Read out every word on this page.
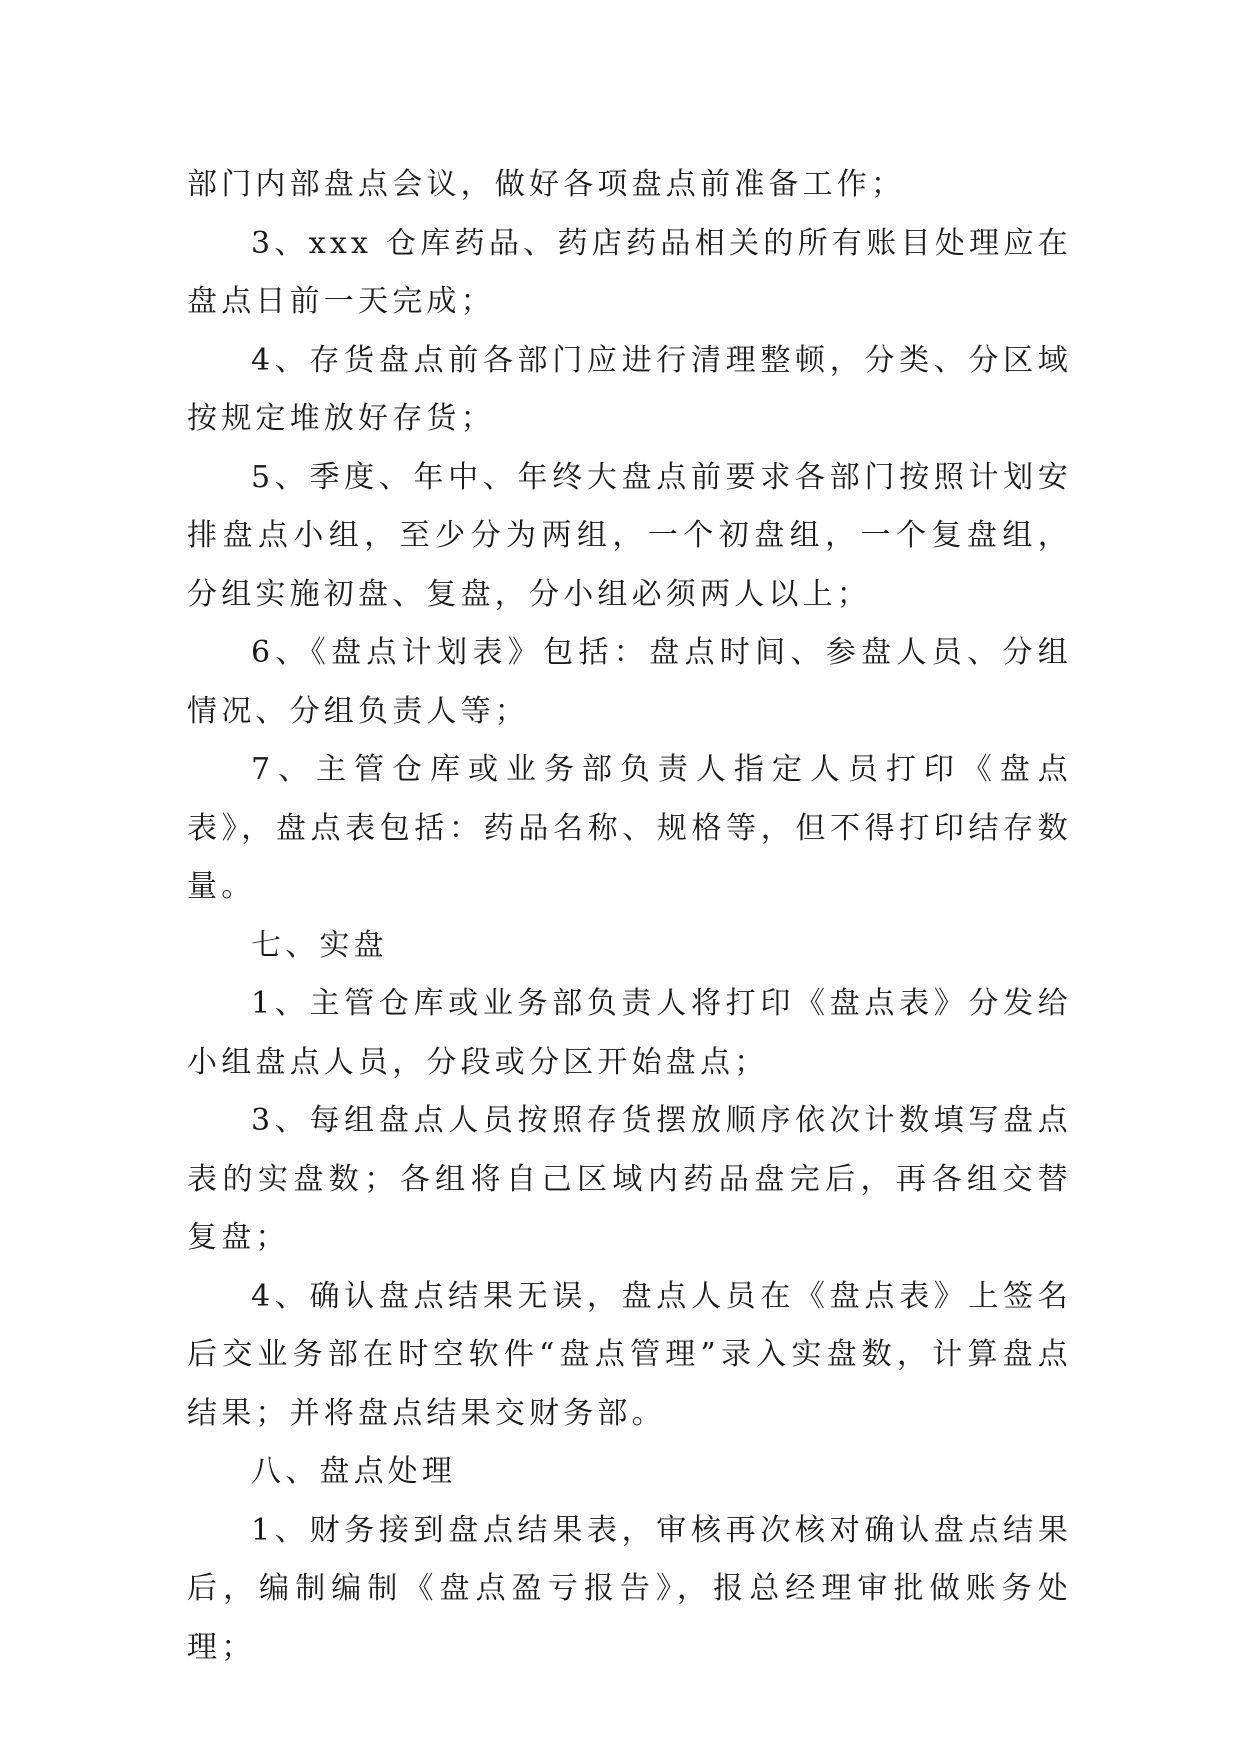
部门内部盘点会议，做好各项盘点前准备工作；

3、xxx 仓库药品、药店药品相关的所有账目处理应在盘点日前一天完成；

4、存货盘点前各部门应进行清理整顿，分类、分区域按规定堆放好存货；

5、季度、年中、年终大盘点前要求各部门按照计划安排盘点小组，至少分为两组，一个初盘组，一个复盘组，分组实施初盘、复盘，分小组必须两人以上；

6、《盘点计划表》包括：盘点时间、参盘人员、分组情况、分组负责人等；

7、主管仓库或业务部负责人指定人员打印《盘点表》，盘点表包括：药品名称、规格等，但不得打印结存数量。

七、实盘

1、主管仓库或业务部负责人将打印《盘点表》分发给小组盘点人员，分段或分区开始盘点；

3、每组盘点人员按照存货摆放顺序依次计数填写盘点表的实盘数；各组将自己区域内药品盘完后，再各组交替复盘；

4、确认盘点结果无误，盘点人员在《盘点表》上签名后交业务部在时空软件“盘点管理”录入实盘数，计算盘点结果；并将盘点结果交财务部。

八、盘点处理

1、财务接到盘点结果表，审核再次核对确认盘点结果后，编制编制《盘点盈亏报告》，报总经理审批做账务处理；
